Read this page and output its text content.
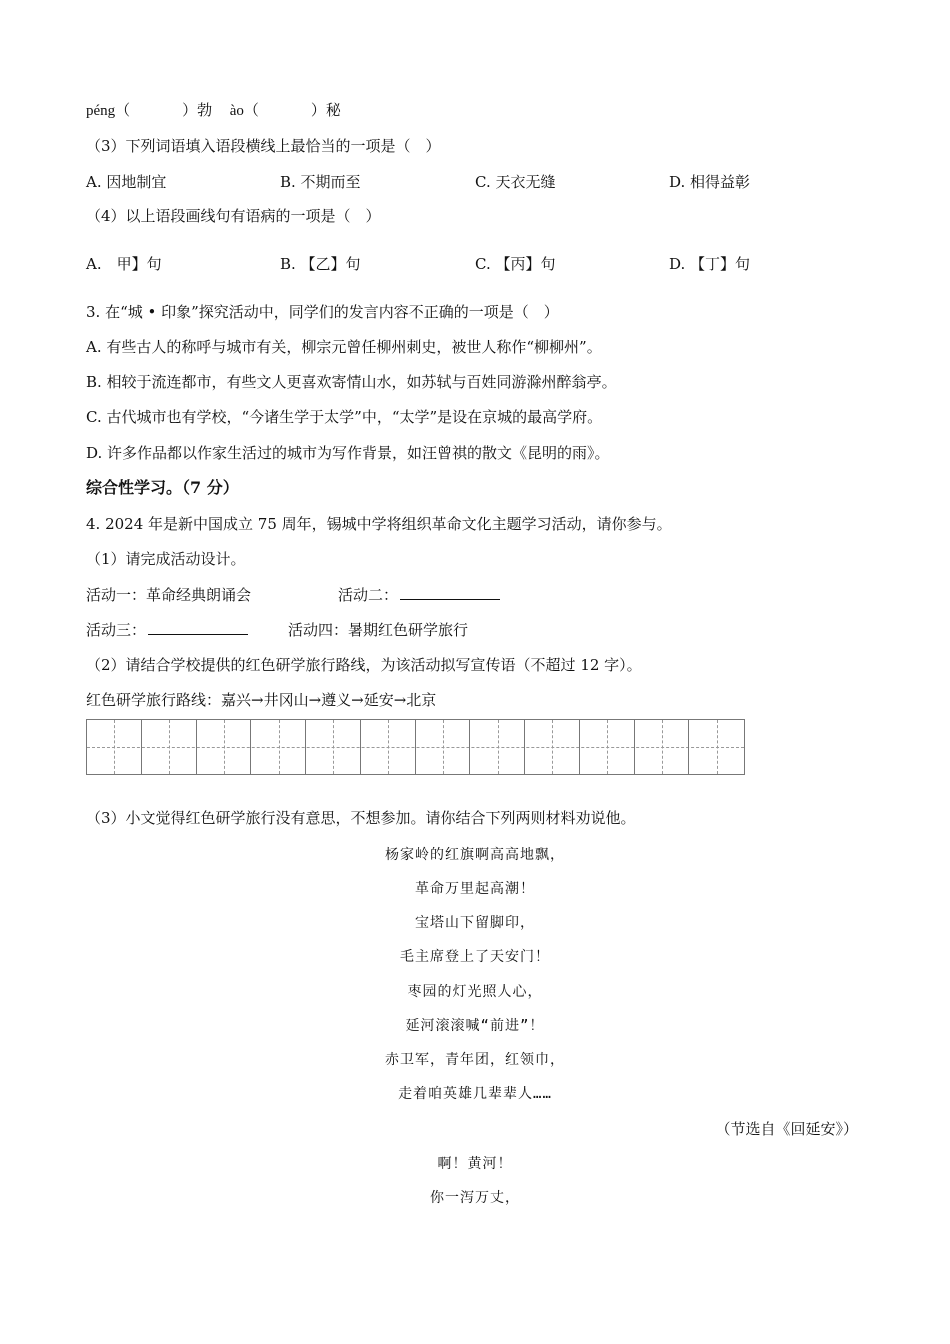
péng（	）勃 ào（	）秘
（3）下列词语填入语段横线上最恰当的一项是（　）
A. 因地制宜	B. 不期而至	C. 天衣无缝	D. 相得益彰
（4）以上语段画线句有语病的一项是（　）
A.　甲】句	B. 【乙】句	C. 【丙】句	D. 【丁】句
3. 在“城 • 印象”探究活动中，同学们的发言内容不正确的一项是（　）
A. 有些古人的称呼与城市有关，柳宗元曾任柳州刺史，被世人称作“柳柳州”。
B. 相较于流连都市，有些文人更喜欢寄情山水，如苏轼与百姓同游滁州醉翁亭。
C. 古代城市也有学校，“今诸生学于太学”中，“太学”是设在京城的最高学府。
D. 许多作品都以作家生活过的城市为写作背景，如汪曾祺的散文《昆明的雨》。
综合性学习。（7 分）
4. 2024 年是新中国成立 75 周年，锡城中学将组织革命文化主题学习活动，请你参与。
（1）请完成活动设计。
活动一：革命经典朗诵会	活动二：
活动三：	活动四：暑期红色研学旅行
（2）请结合学校提供的红色研学旅行路线，为该活动拟写宣传语（不超过 12 字）。
红色研学旅行路线：嘉兴→井冈山→遵义→延安→北京
（3）小文觉得红色研学旅行没有意思，不想参加。请你结合下列两则材料劝说他。
杨家岭的红旗啊高高地飘，
革命万里起高潮！
宝塔山下留脚印，
毛主席登上了天安门！
枣园的灯光照人心，
延河滚滚喊“前进”！
赤卫军，青年团，红领巾，
走着咱英雄几辈辈人……
（节选自《回延安》）
啊！黄河！
你一泻万丈，
